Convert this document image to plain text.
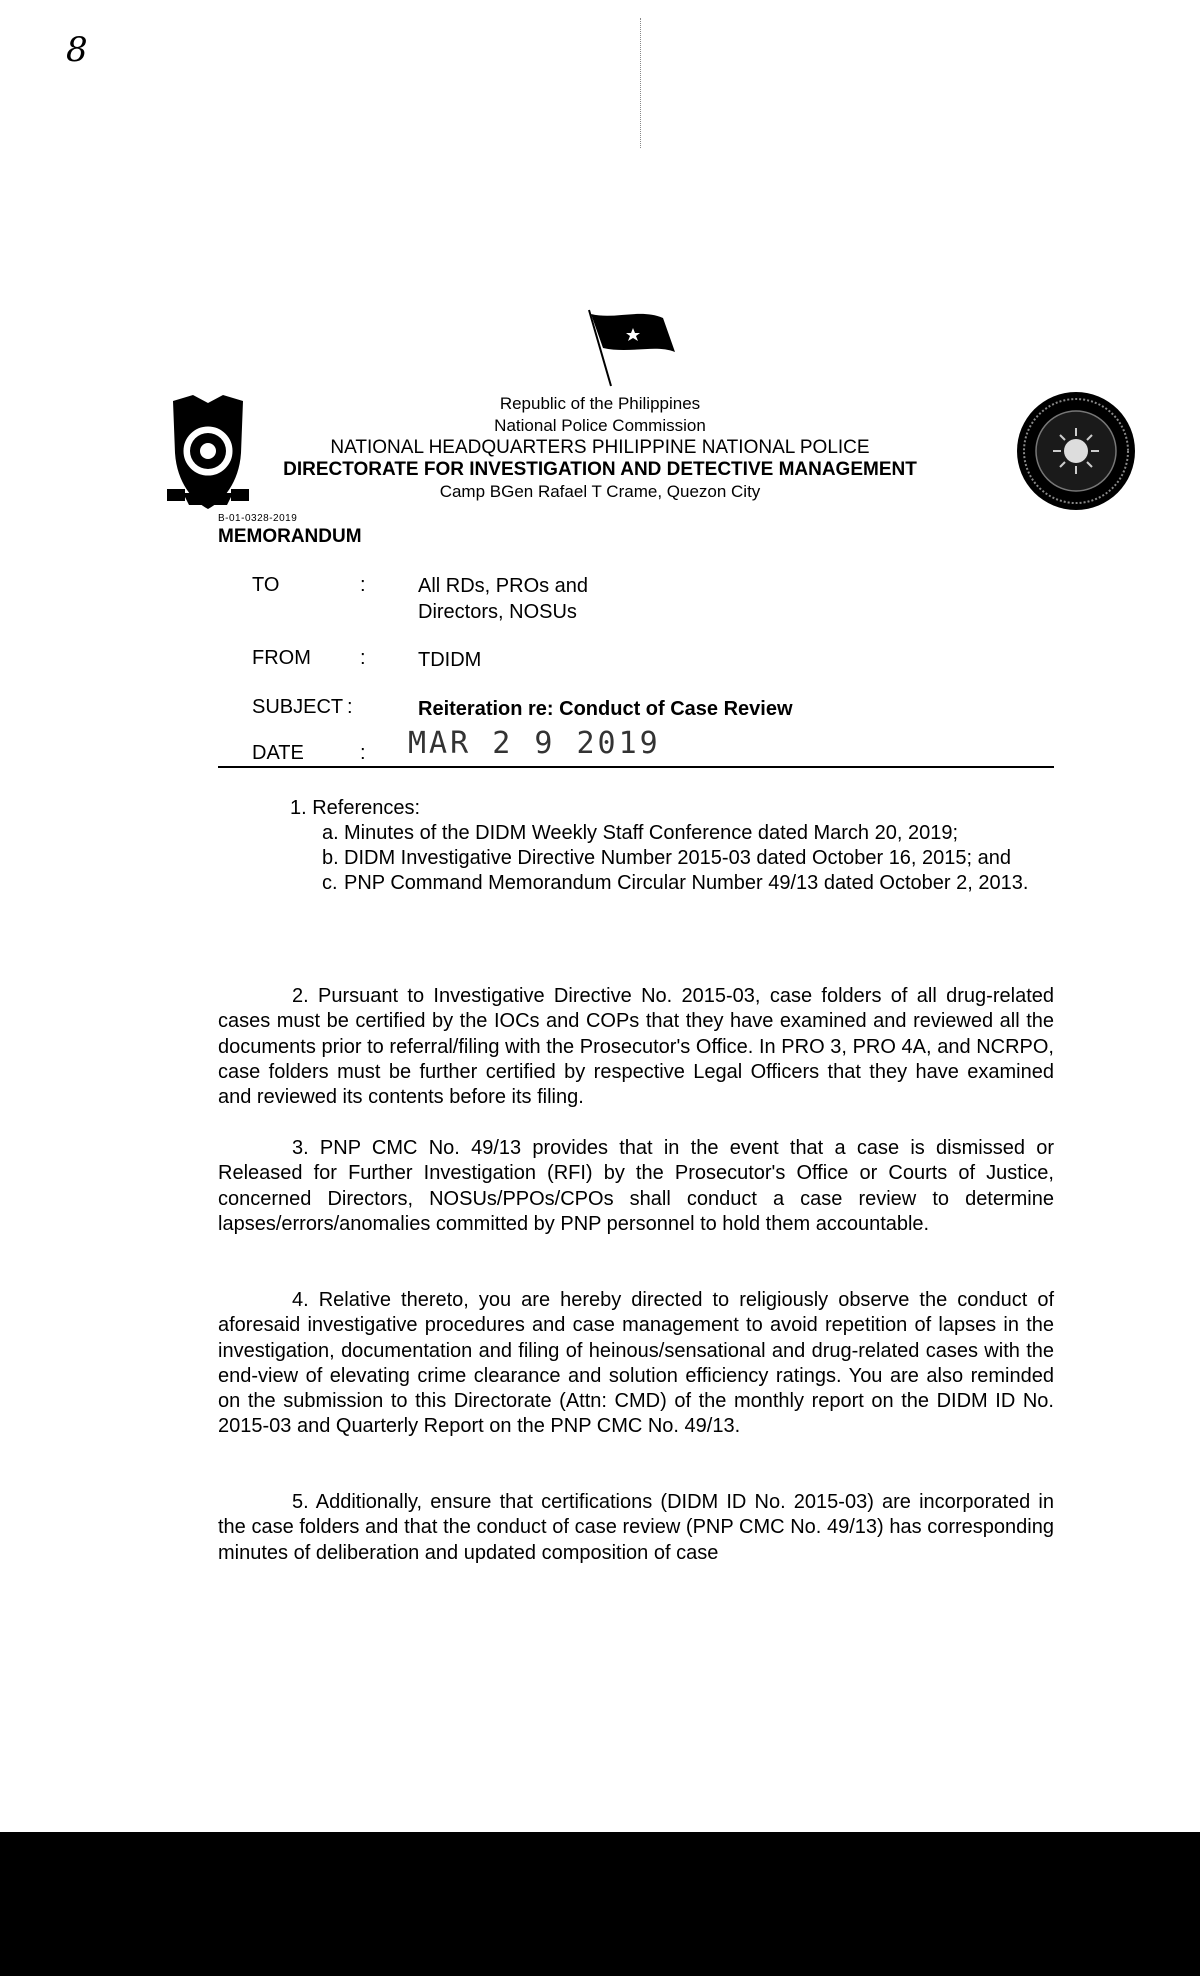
8
Republic of the Philippines
National Police Commission
NATIONAL HEADQUARTERS PHILIPPINE NATIONAL POLICE
DIRECTORATE FOR INVESTIGATION AND DETECTIVE MANAGEMENT
Camp BGen Rafael T Crame, Quezon City
B-01-0328-2019
MEMORANDUM
TO	:	All RDs, PROs and
Directors, NOSUs
FROM :	TDIDM
SUBJECT :	Reiteration re: Conduct of Case Review
DATE	: MAR 2 9 2019
1. References:
a. Minutes of the DIDM Weekly Staff Conference dated March 20, 2019;
b. DIDM Investigative Directive Number 2015-03 dated October 16, 2015; and
c. PNP Command Memorandum Circular Number 49/13 dated October 2, 2013.
2. Pursuant to Investigative Directive No. 2015-03, case folders of all drug-related cases must be certified by the IOCs and COPs that they have examined and reviewed all the documents prior to referral/filing with the Prosecutor's Office. In PRO 3, PRO 4A, and NCRPO, case folders must be further certified by respective Legal Officers that they have examined and reviewed its contents before its filing.
3. PNP CMC No. 49/13 provides that in the event that a case is dismissed or Released for Further Investigation (RFI) by the Prosecutor's Office or Courts of Justice, concerned Directors, NOSUs/PPOs/CPOs shall conduct a case review to determine lapses/errors/anomalies committed by PNP personnel to hold them accountable.
4. Relative thereto, you are hereby directed to religiously observe the conduct of aforesaid investigative procedures and case management to avoid repetition of lapses in the investigation, documentation and filing of heinous/sensational and drug-related cases with the end-view of elevating crime clearance and solution efficiency ratings. You are also reminded on the submission to this Directorate (Attn: CMD) of the monthly report on the DIDM ID No. 2015-03 and Quarterly Report on the PNP CMC No. 49/13.
5. Additionally, ensure that certifications (DIDM ID No. 2015-03) are incorporated in the case folders and that the conduct of case review (PNP CMC No. 49/13) has corresponding minutes of deliberation and updated composition of case
